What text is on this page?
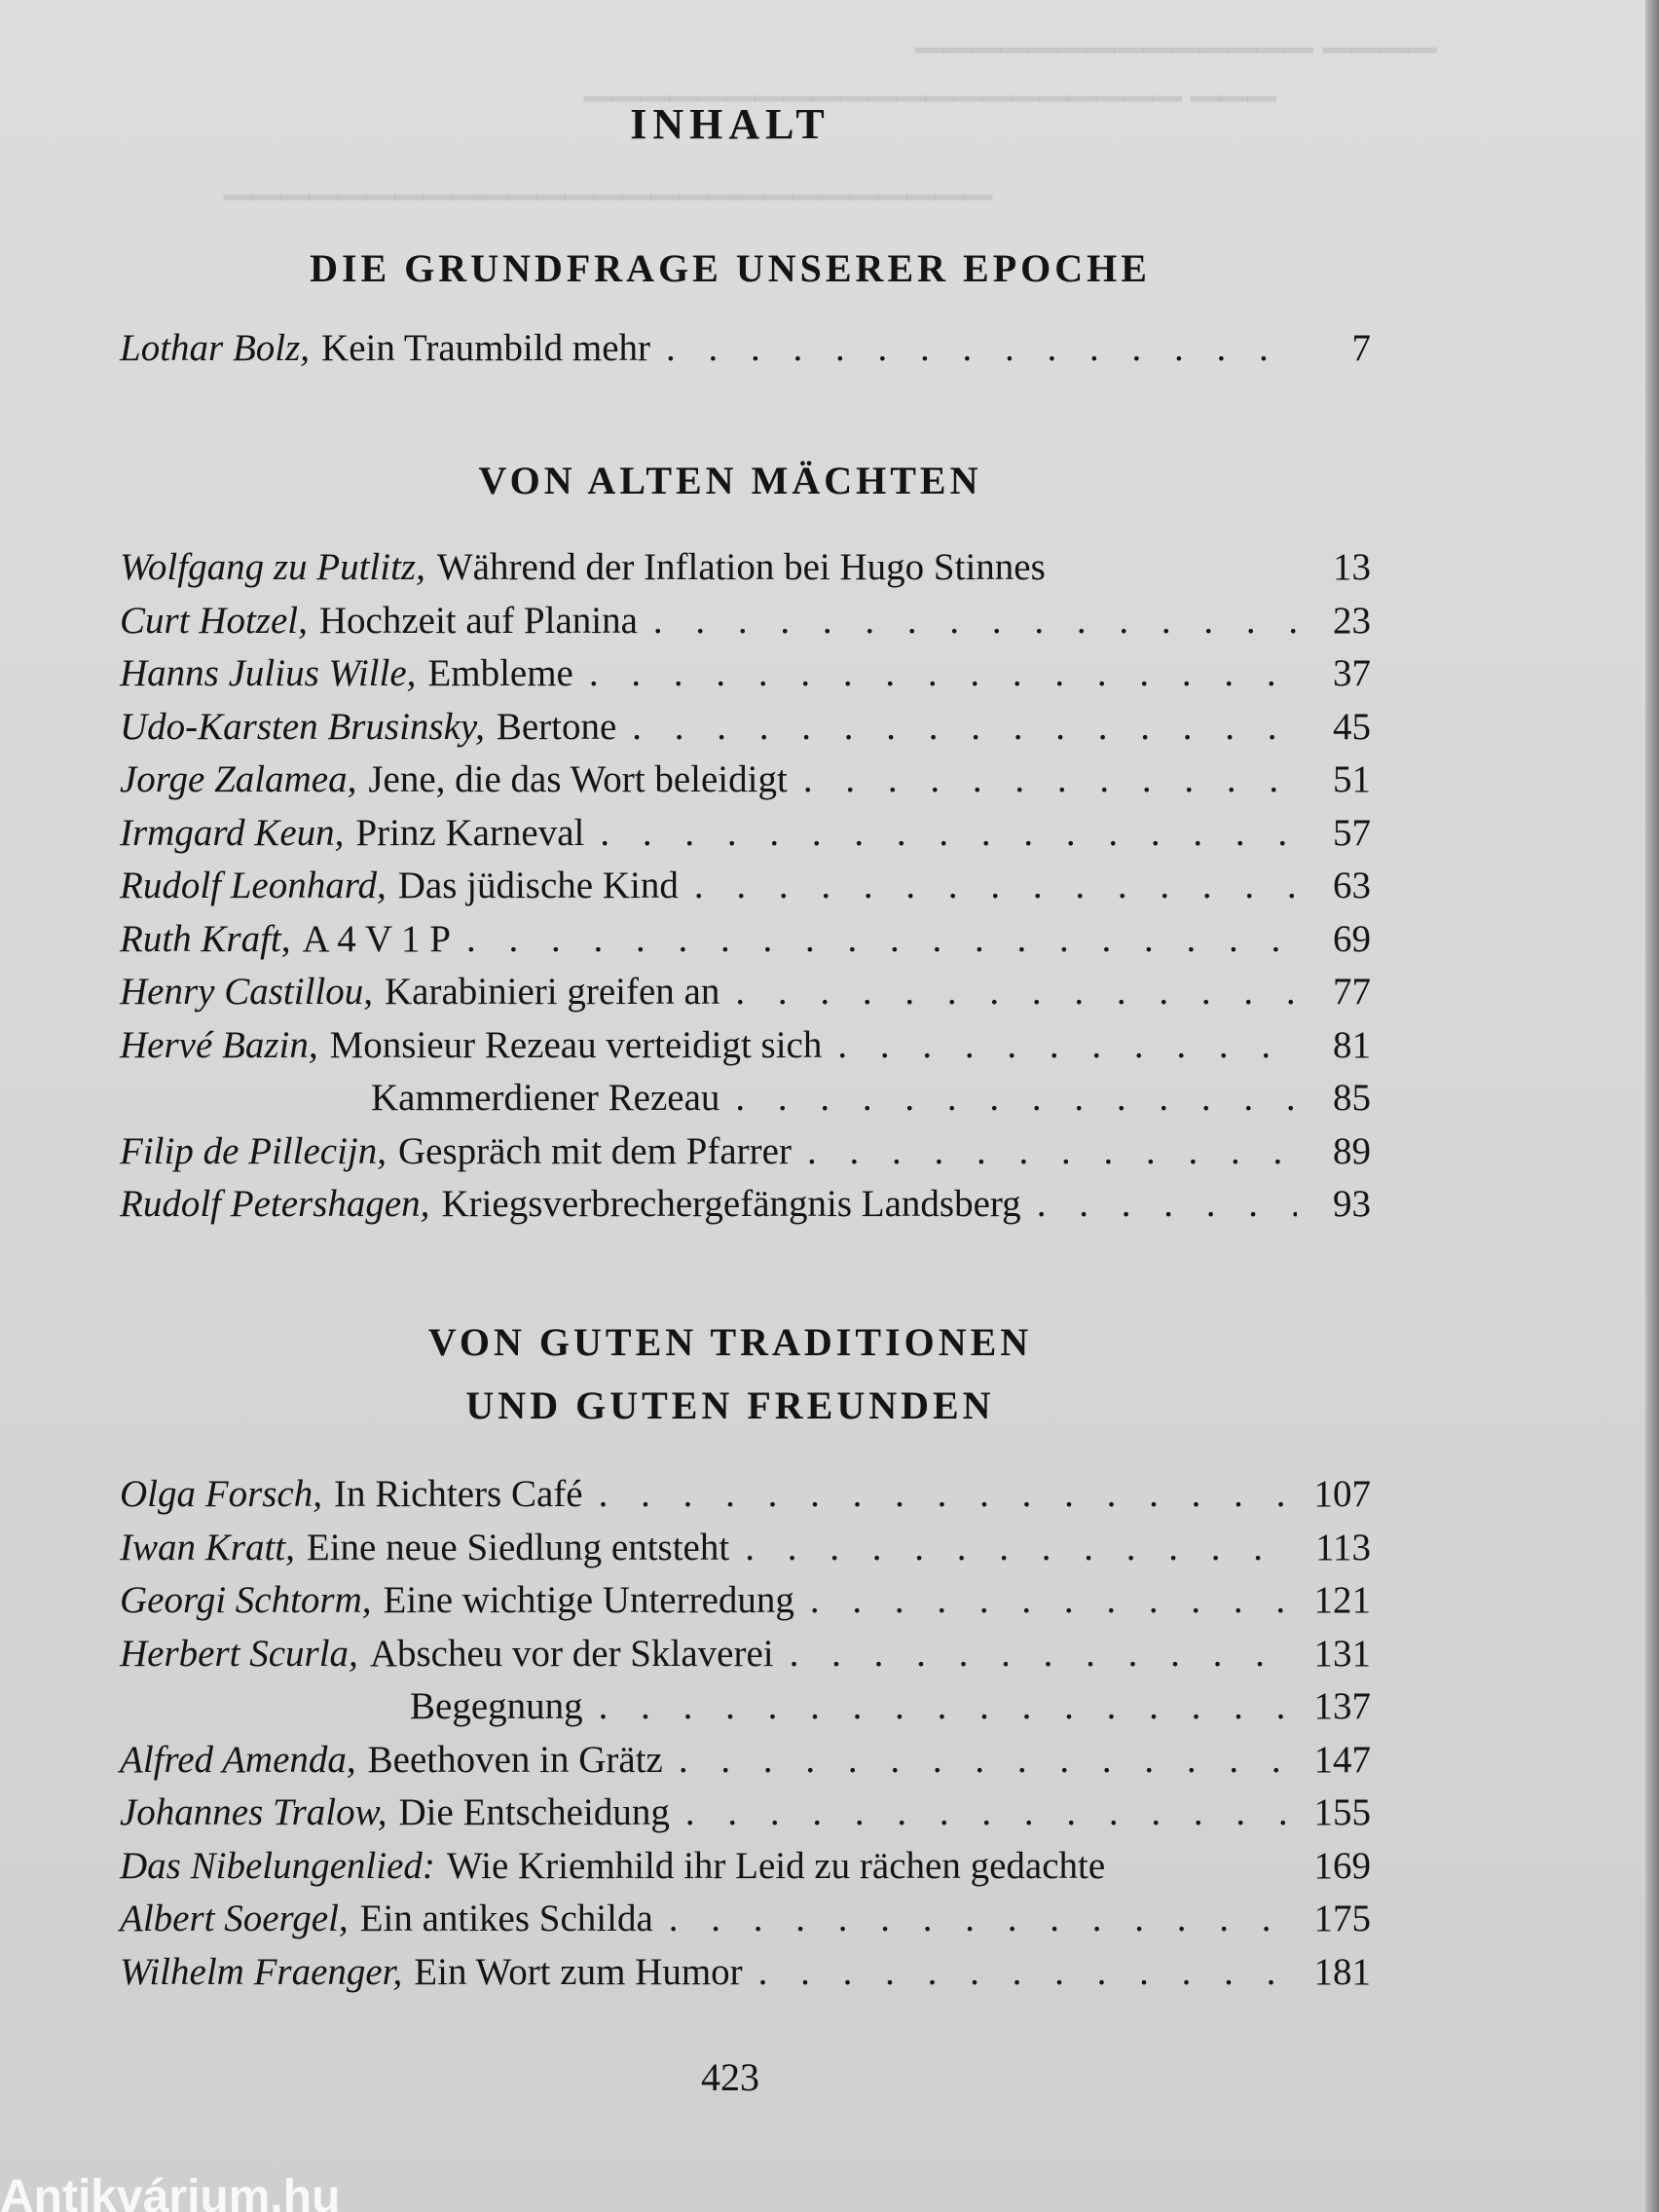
▁▁▁▁▁▁▁▁▁▁▁▁▁▁ ▁▁▁▁
▁▁▁▁▁▁▁▁▁▁▁▁▁▁▁▁▁▁▁▁▁ ▁▁▁
▔▔▔▔▔▔▔▔▔▔▔▔▔▔▔▔▔▔▔▔▔▔▔▔▔▔▔
INHALT
DIE GRUNDFRAGE UNSERER EPOCHE
Lothar Bolz, Kein Traumbild mehr . . .	7
VON ALTEN MÄCHTEN
Wolfgang zu Putlitz, Während der Inflation bei Hugo Stinnes	13
Curt Hotzel, Hochzeit auf Planina . . .	23
Hanns Julius Wille, Embleme . . .	37
Udo-Karsten Brusinsky, Bertone . . .	45
Jorge Zalamea, Jene, die das Wort beleidigt . . .	51
Irmgard Keun, Prinz Karneval . . .	57
Rudolf Leonhard, Das jüdische Kind . . .	63
Ruth Kraft, A 4 V 1 P . . .	69
Henry Castillou, Karabinieri greifen an . . .	77
Hervé Bazin, Monsieur Rezeau verteidigt sich . . .	81
Kammerdiener Rezeau . . .	85
Filip de Pillecijn, Gespräch mit dem Pfarrer . . .	89
Rudolf Petershagen, Kriegsverbrechergefängnis Landsberg . . .	93
VON GUTEN TRADITIONEN
UND GUTEN FREUNDEN
Olga Forsch, In Richters Café . . .	107
Iwan Kratt, Eine neue Siedlung entsteht . . .	113
Georgi Schtorm, Eine wichtige Unterredung . . .	121
Herbert Scurla, Abscheu vor der Sklaverei . . .	131
Begegnung . . .	137
Alfred Amenda, Beethoven in Grätz . . .	147
Johannes Tralow, Die Entscheidung . . .	155
Das Nibelungenlied: Wie Kriemhild ihr Leid zu rächen gedachte	169
Albert Soergel, Ein antikes Schilda . . .	175
Wilhelm Fraenger, Ein Wort zum Humor . . .	181
423
Antikvárium.hu
